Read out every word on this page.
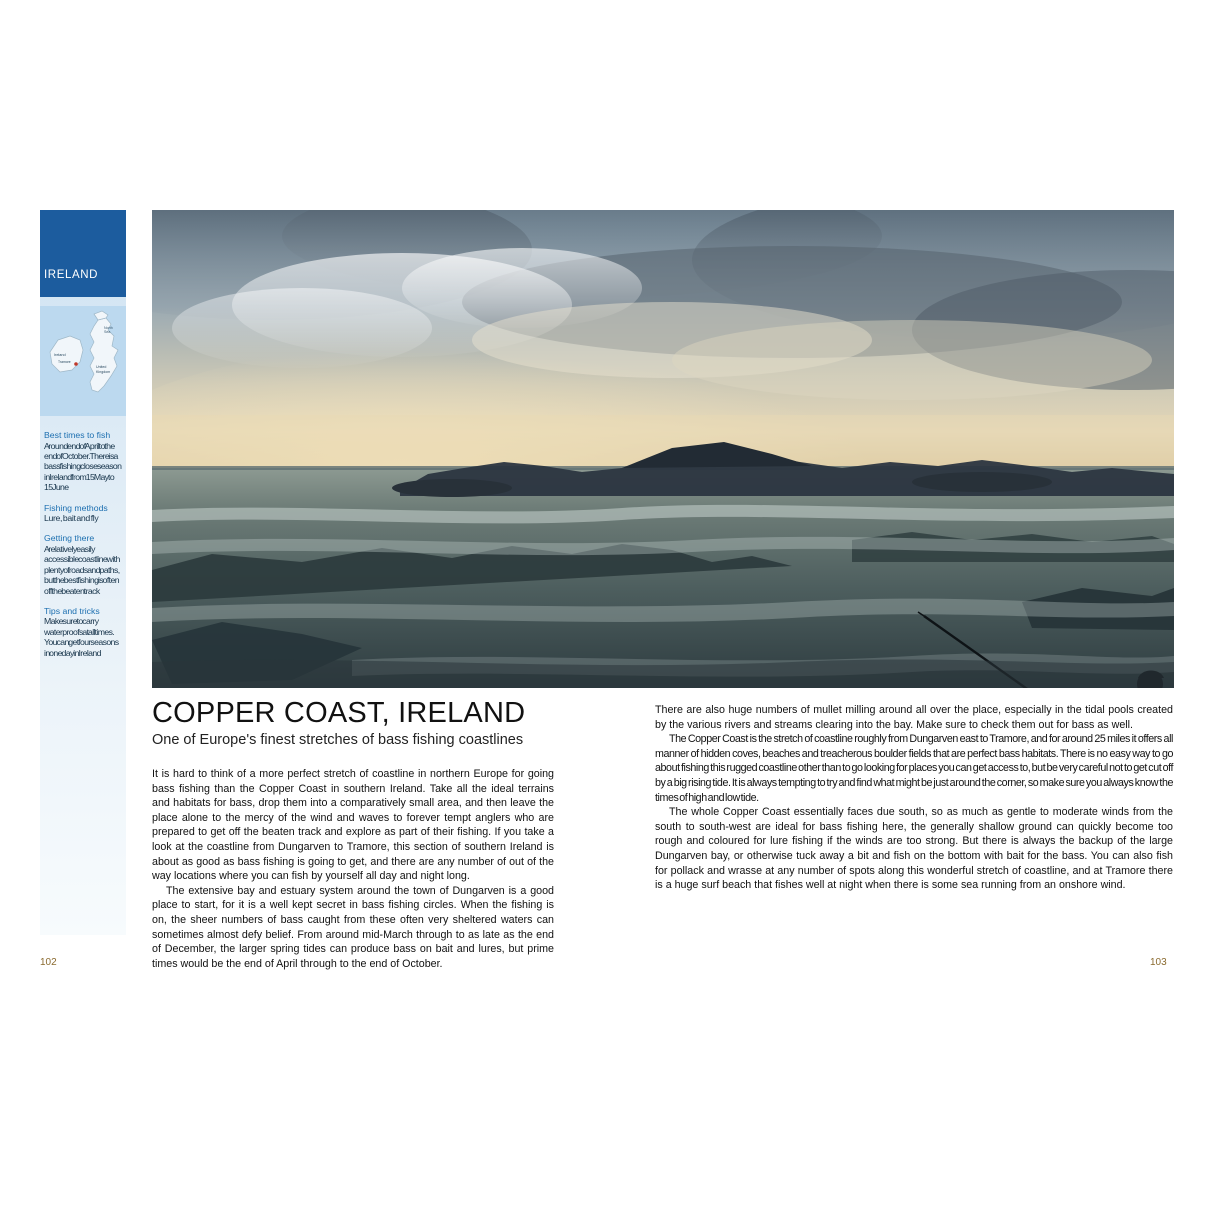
IRELAND
North
Sea
Ireland
Tramore
United
Kingdom

Best times to fish

A round end of April to the end of October. There is a bass fishing close season in Ireland from 15 May to 15 June

Fishing methods

Lure, bait and fly

Getting there

A relatively easily accessible coastline with plenty of roads and paths, but the best fishing is often off the beaten track

Tips and tricks

Make sure to carry waterproofs at all times. You can get four seasons in one day in Ireland

COPPER COAST, IRELAND
One of Europe's finest stretches of bass fishing coastlines

It is hard to think of a more perfect stretch of coastline in northern Europe for going bass fishing than the Copper Coast in southern Ireland. Take all the ideal terrains and habitats for bass, drop them into a comparatively small area, and then leave the place alone to the mercy of the wind and waves to forever tempt anglers who are prepared to get off the beaten track and explore as part of their fishing. If you take a look at the coastline from Dungarven to Tramore, this section of southern Ireland is about as good as bass fishing is going to get, and there are any number of out of the way locations where you can fish by yourself all day and night long.

The extensive bay and estuary system around the town of Dungarven is a good place to start, for it is a well kept secret in bass fishing circles. When the fishing is on, the sheer numbers of bass caught from these often very sheltered waters can sometimes almost defy belief. From around mid-March through to as late as the end of December, the larger spring tides can produce bass on bait and lures, but prime times would be the end of April through to the end of October.

There are also huge numbers of mullet milling around all over the place, especially in the tidal pools created by the various rivers and streams clearing into the bay. Make sure to check them out for bass as well.

The Copper Coast is the stretch of coastline roughly from Dungarven east to Tramore, and for around 25 miles it offers all manner of hidden coves, beaches and treacherous boulder fields that are perfect bass habitats. There is no easy way to go about fishing this rugged coastline other than to go looking for places you can get access to, but be very careful not to get cut off by a big rising tide. It is always tempting to try and find what might be just around the corner, so make sure you always know the times of high and low tide.

The whole Copper Coast essentially faces due south, so as much as gentle to moderate winds from the south to south-west are ideal for bass fishing here, the generally shallow ground can quickly become too rough and coloured for lure fishing if the winds are too strong. But there is always the backup of the large Dungarven bay, or otherwise tuck away a bit and fish on the bottom with bait for the bass. You can also fish for pollack and wrasse at any number of spots along this wonderful stretch of coastline, and at Tramore there is a huge surf beach that fishes well at night when there is some sea running from an onshore wind.

102	103
